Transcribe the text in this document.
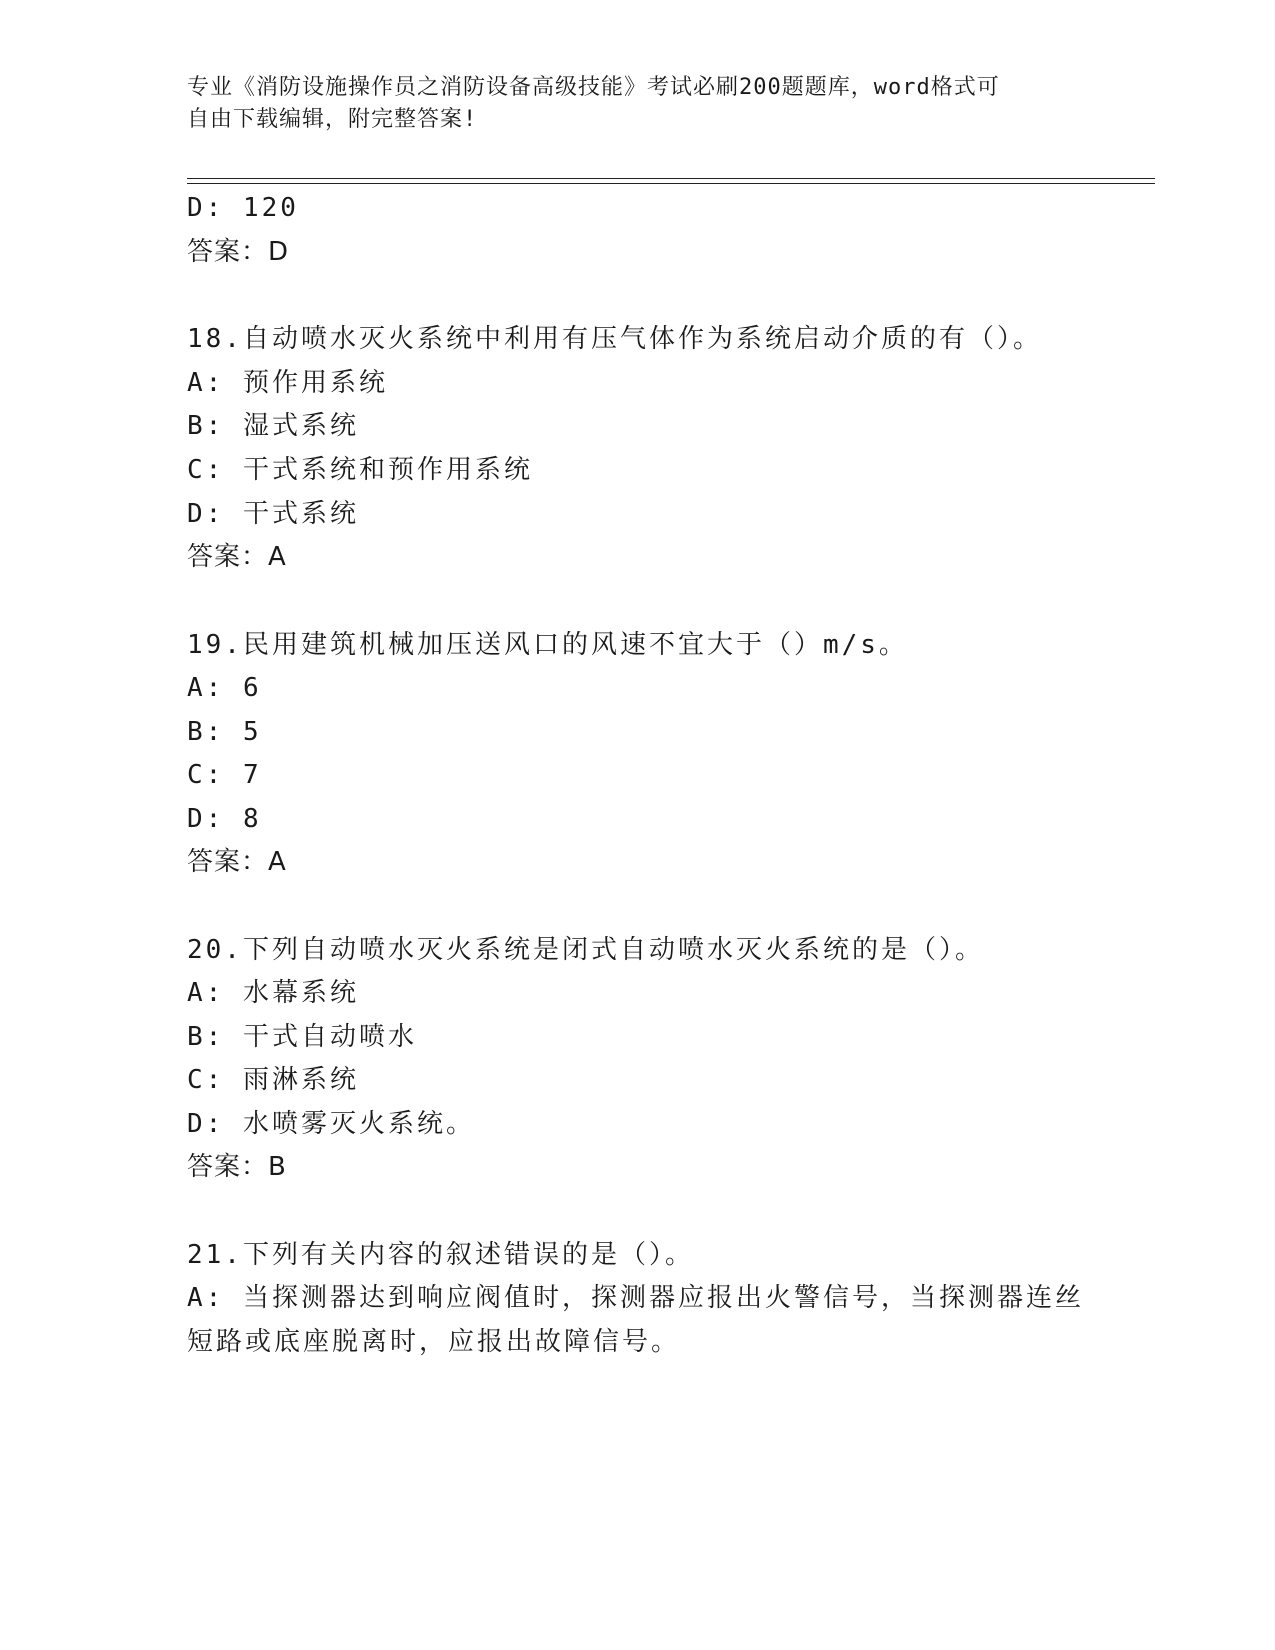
专业《消防设施操作员之消防设备高级技能》考试必刷200题题库，word格式可
自由下载编辑，附完整答案!
D: 120
答案：D
18.自动喷水灭火系统中利用有压气体作为系统启动介质的有（）。
A: 预作用系统
B: 湿式系统
C: 干式系统和预作用系统
D: 干式系统
答案：A
19.民用建筑机械加压送风口的风速不宜大于（）m/s。
A: 6
B: 5
C: 7
D: 8
答案：A
20.下列自动喷水灭火系统是闭式自动喷水灭火系统的是（）。
A: 水幕系统
B: 干式自动喷水
C: 雨淋系统
D: 水喷雾灭火系统。
答案：B
21.下列有关内容的叙述错误的是（）。
A: 当探测器达到响应阀值时，探测器应报出火警信号，当探测器连丝
短路或底座脱离时，应报出故障信号。
